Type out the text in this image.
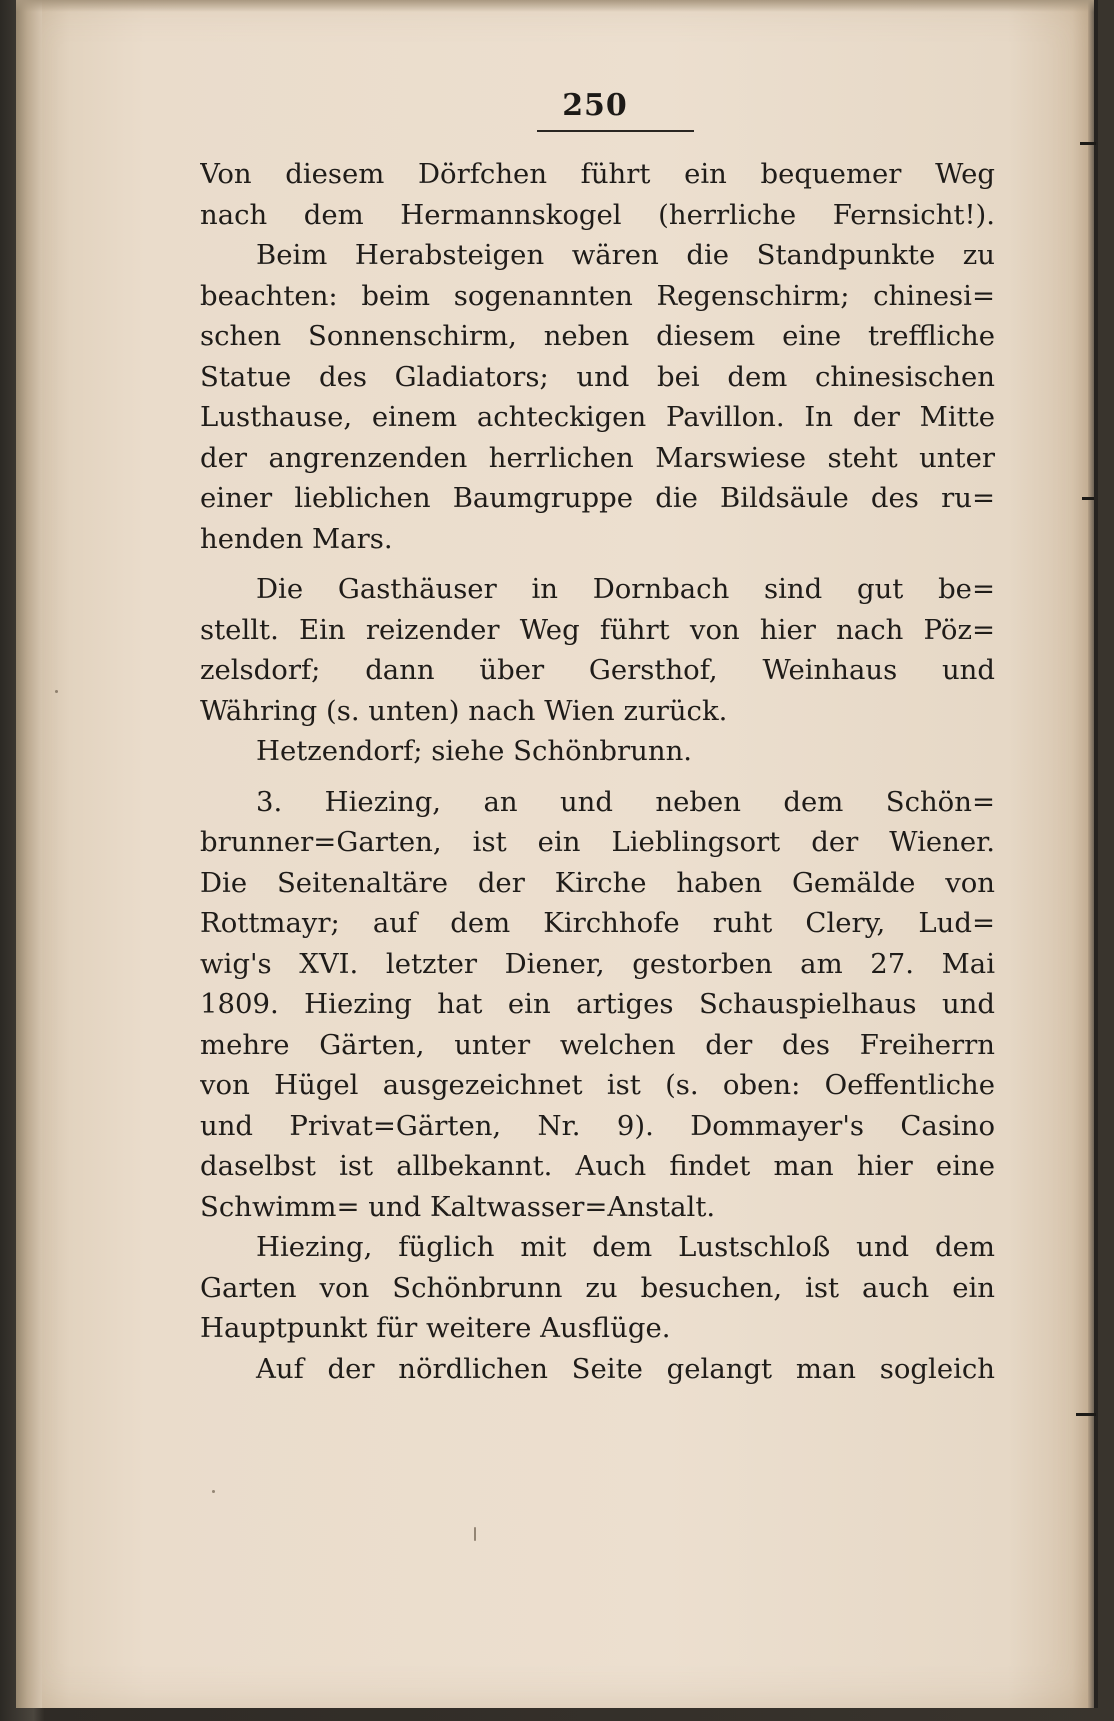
250
Von diesem Dörfchen führt ein bequemer Weg
nach dem Hermannskogel (herrliche Fernsicht!).
Beim Herabsteigen wären die Standpunkte zu
beachten: beim sogenannten Regenschirm; chinesi=
schen Sonnenschirm, neben diesem eine treffliche
Statue des Gladiators; und bei dem chinesischen
Lusthause, einem achteckigen Pavillon. In der Mitte
der angrenzenden herrlichen Marswiese steht unter
einer lieblichen Baumgruppe die Bildsäule des ru=
henden Mars.
Die Gasthäuser in Dornbach sind gut be=
stellt. Ein reizender Weg führt von hier nach Pöz=
zelsdorf; dann über Gersthof, Weinhaus und
Währing (s. unten) nach Wien zurück.
Hetzendorf; siehe Schönbrunn.
3. Hiezing, an und neben dem Schön=
brunner=Garten, ist ein Lieblingsort der Wiener.
Die Seitenaltäre der Kirche haben Gemälde von
Rottmayr; auf dem Kirchhofe ruht Clery, Lud=
wig's XVI. letzter Diener, gestorben am 27. Mai
1809. Hiezing hat ein artiges Schauspielhaus und
mehre Gärten, unter welchen der des Freiherrn
von Hügel ausgezeichnet ist (s. oben: Oeffentliche
und Privat=Gärten, Nr. 9). Dommayer's Casino
daselbst ist allbekannt. Auch findet man hier eine
Schwimm= und Kaltwasser=Anstalt.
Hiezing, füglich mit dem Lustschloß und dem
Garten von Schönbrunn zu besuchen, ist auch ein
Hauptpunkt für weitere Ausflüge.
Auf der nördlichen Seite gelangt man sogleich
